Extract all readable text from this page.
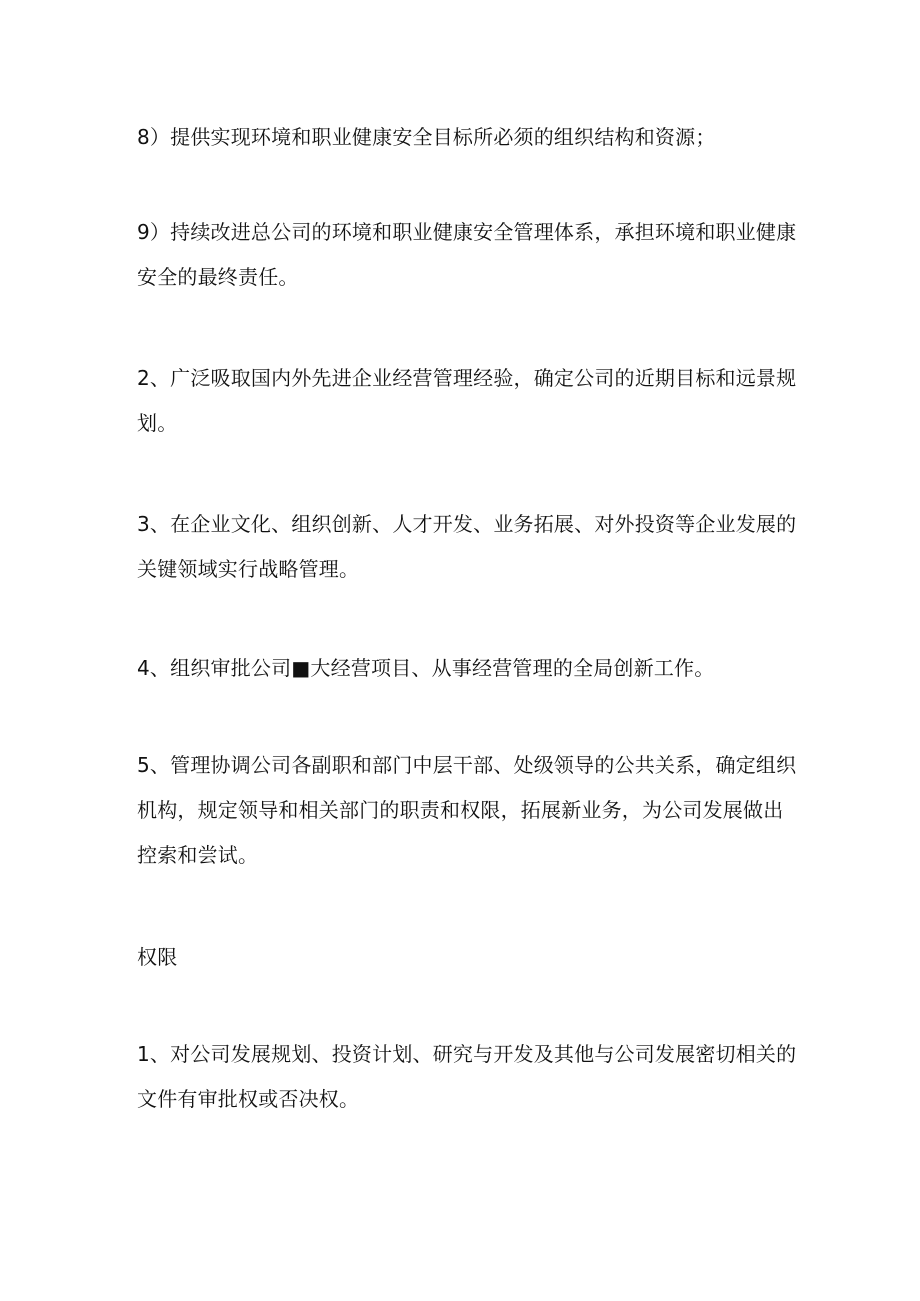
8）提供实现环境和职业健康安全目标所必须的组织结构和资源；

9）持续改进总公司的环境和职业健康安全管理体系，承担环境和职业健康
安全的最终责任。

2、广泛吸取国内外先进企业经营管理经验，确定公司的近期目标和远景规
划。

3、在企业文化、组织创新、人才开发、业务拓展、对外投资等企业发展的
关键领域实行战略管理。

4、组织审批公司■大经营项目、从事经营管理的全局创新工作。

5、管理协调公司各副职和部门中层干部、处级领导的公共关系，确定组织
机构，规定领导和相关部门的职责和权限，拓展新业务，为公司发展做出
控索和尝试。

权限

1、对公司发展规划、投资计划、研究与开发及其他与公司发展密切相关的
文件有审批权或否决权。
